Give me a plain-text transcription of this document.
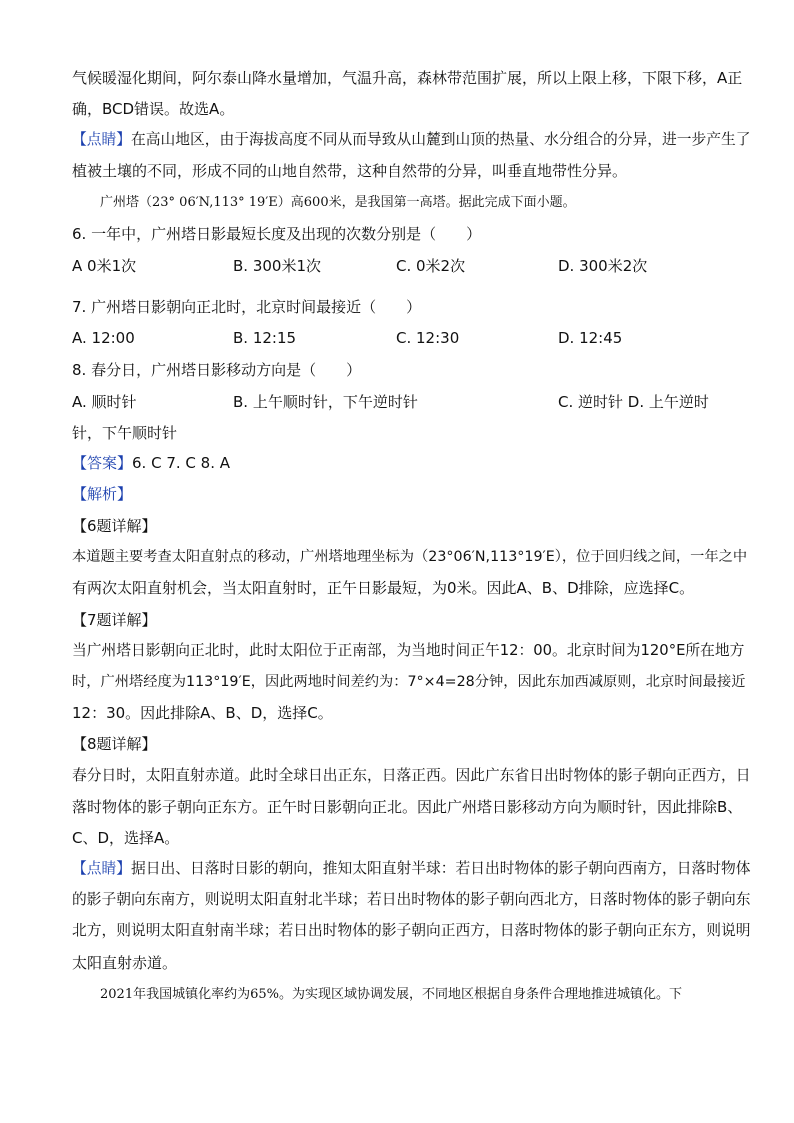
气候暖湿化期间，阿尔泰山降水量增加，气温升高，森林带范围扩展，所以上限上移，下限下移，A正
确，BCD错误。故选A。
【点睛】在高山地区，由于海拔高度不同从而导致从山麓到山顶的热量、水分组合的分异，进一步产生了
植被土壤的不同，形成不同的山地自然带，这种自然带的分异，叫垂直地带性分异。
广州塔（23° 06′N,113° 19′E）高600米，是我国第一高塔。据此完成下面小题。
6. 一年中，广州塔日影最短长度及出现的次数分别是（　　）
A 0米1次	B. 300米1次	C. 0米2次	D. 300米2次
7. 广州塔日影朝向正北时，北京时间最接近（　　）
A. 12:00	B. 12:15	C. 12:30	D. 12:45
8. 春分日，广州塔日影移动方向是（　　）
A. 顺时针	B. 上午顺时针，下午逆时针	C. 逆时针 D. 上午逆时
针，下午顺时针
【答案】6. C 7. C 8. A
【解析】
【6题详解】
本道题主要考查太阳直射点的移动，广州塔地理坐标为（23°06′N,113°19′E），位于回归线之间，一年之中
有两次太阳直射机会，当太阳直射时，正午日影最短，为0米。因此A、B、D排除，应选择C。
【7题详解】
当广州塔日影朝向正北时，此时太阳位于正南部，为当地时间正午12：00。北京时间为120°E所在地方
时，广州塔经度为113°19′E，因此两地时间差约为：7°×4=28分钟，因此东加西减原则，北京时间最接近
12：30。因此排除A、B、D，选择C。
【8题详解】
春分日时，太阳直射赤道。此时全球日出正东，日落正西。因此广东省日出时物体的影子朝向正西方，日
落时物体的影子朝向正东方。正午时日影朝向正北。因此广州塔日影移动方向为顺时针，因此排除B、
C、D，选择A。
【点睛】据日出、日落时日影的朝向，推知太阳直射半球：若日出时物体的影子朝向西南方，日落时物体
的影子朝向东南方，则说明太阳直射北半球；若日出时物体的影子朝向西北方，日落时物体的影子朝向东
北方，则说明太阳直射南半球；若日出时物体的影子朝向正西方，日落时物体的影子朝向正东方，则说明
太阳直射赤道。
2021年我国城镇化率约为65%。为实现区域协调发展，不同地区根据自身条件合理地推进城镇化。下
